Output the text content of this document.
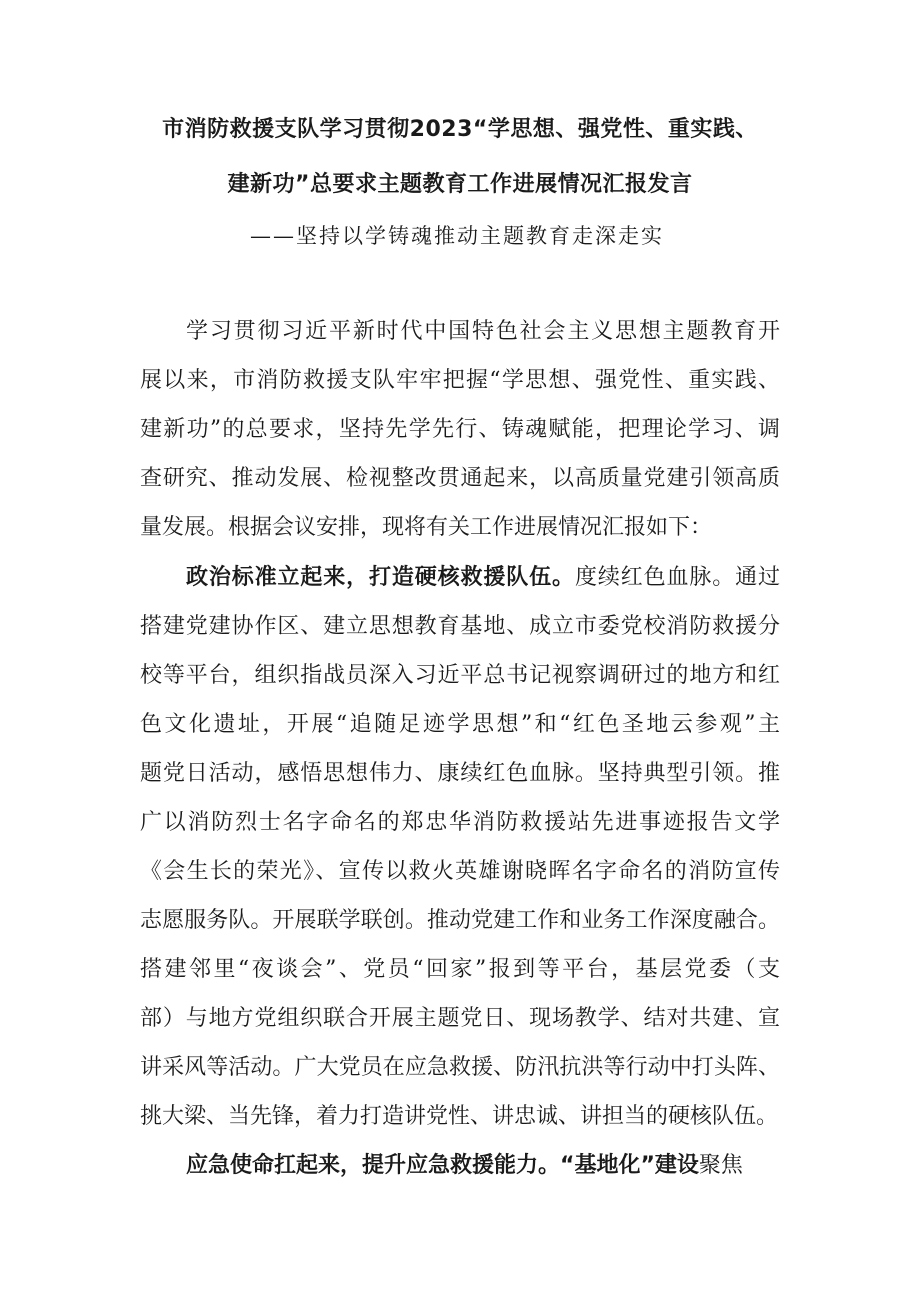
市消防救援支队学习贯彻2023“学思想、强党性、重实践、
建新功”总要求主题教育工作进展情况汇报发言
——坚持以学铸魂推动主题教育走深走实
学习贯彻习近平新时代中国特色社会主义思想主题教育开
展以来，市消防救援支队牢牢把握“学思想、强党性、重实践、
建新功”的总要求，坚持先学先行、铸魂赋能，把理论学习、调
查研究、推动发展、检视整改贯通起来，以高质量党建引领高质
量发展。根据会议安排，现将有关工作进展情况汇报如下：
政治标准立起来，打造硬核救援队伍。度续红色血脉。通过
搭建党建协作区、建立思想教育基地、成立市委党校消防救援分
校等平台，组织指战员深入习近平总书记视察调研过的地方和红
色文化遗址，开展“追随足迹学思想”和“红色圣地云参观”主
题党日活动，感悟思想伟力、康续红色血脉。坚持典型引领。推
广以消防烈士名字命名的郑忠华消防救援站先进事迹报告文学
《会生长的荣光》、宣传以救火英雄谢晓晖名字命名的消防宣传
志愿服务队。开展联学联创。推动党建工作和业务工作深度融合。
搭建邻里“夜谈会”、党员“回家”报到等平台，基层党委（支
部）与地方党组织联合开展主题党日、现场教学、结对共建、宣
讲采风等活动。广大党员在应急救援、防汛抗洪等行动中打头阵、
挑大梁、当先锋，着力打造讲党性、讲忠诚、讲担当的硬核队伍。
应急使命扛起来，提升应急救援能力。“基地化”建设聚焦
